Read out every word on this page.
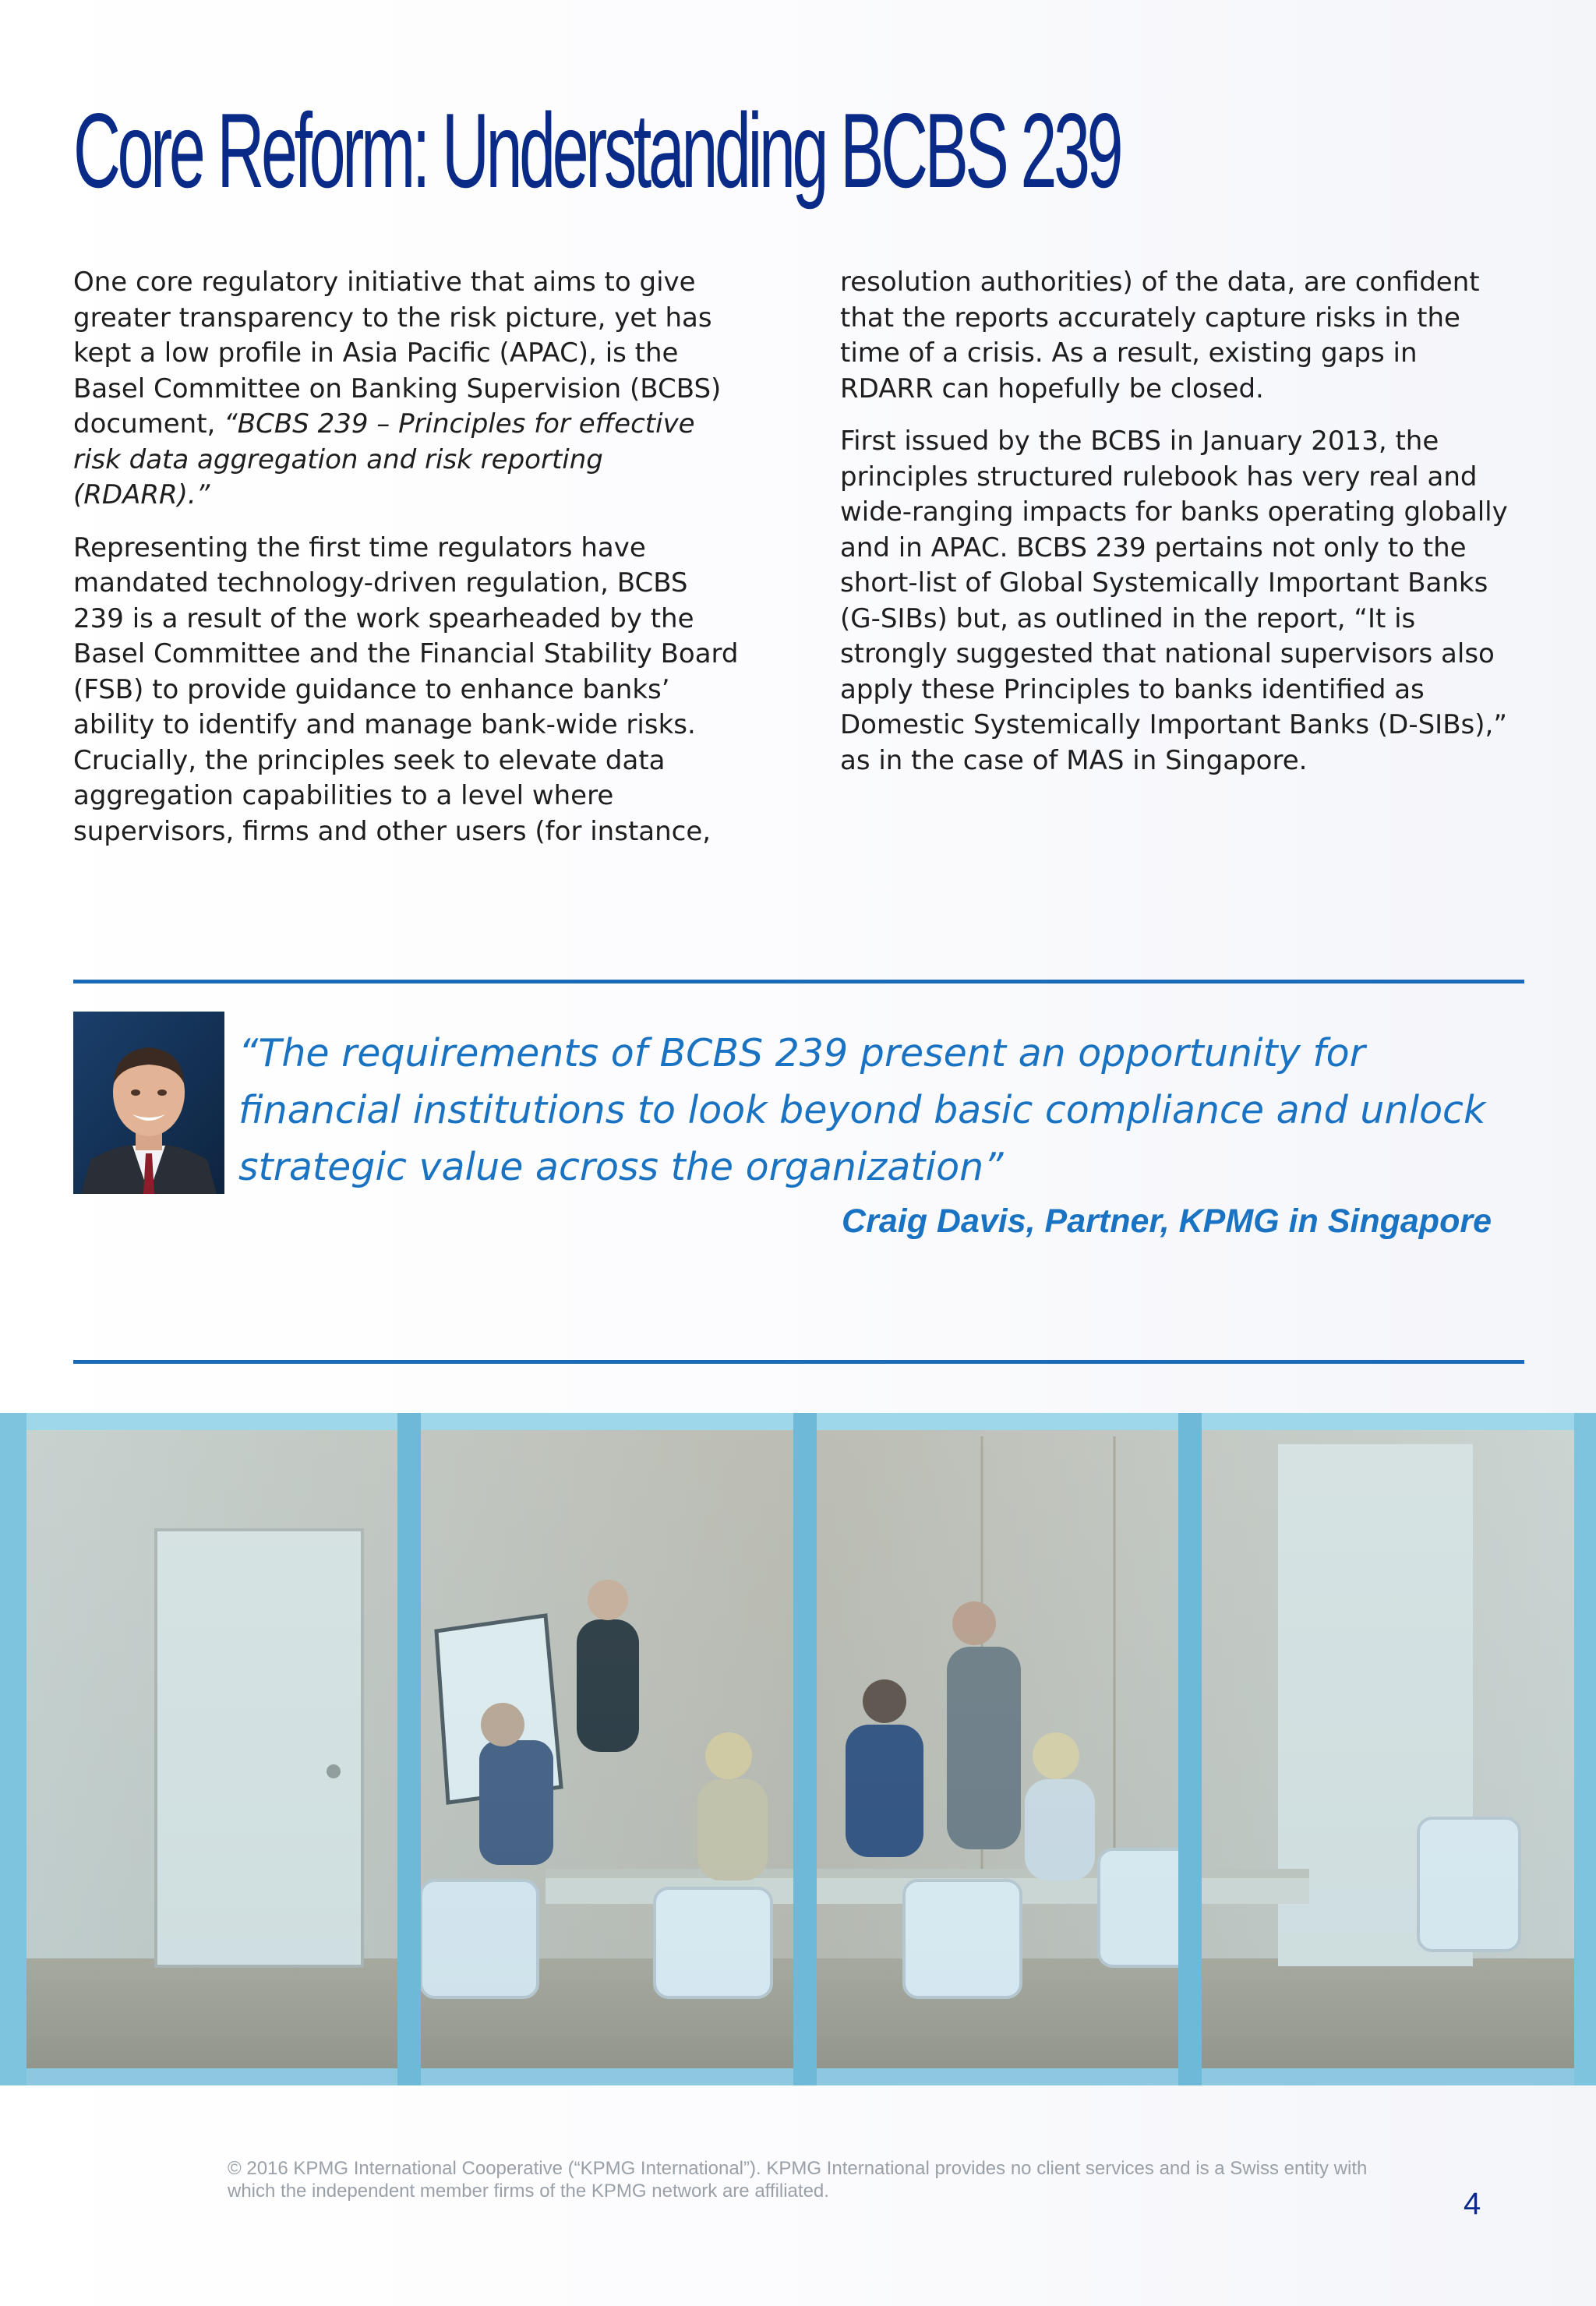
Core Reform: Understanding BCBS 239

One core regulatory initiative that aims to give greater transparency to the risk picture, yet has kept a low profile in Asia Pacific (APAC), is the Basel Committee on Banking Supervision (BCBS) document, “BCBS 239 – Principles for effective risk data aggregation and risk reporting (RDARR).”

Representing the first time regulators have mandated technology-driven regulation, BCBS 239 is a result of the work spearheaded by the Basel Committee and the Financial Stability Board (FSB) to provide guidance to enhance banks’ ability to identify and manage bank-wide risks. Crucially, the principles seek to elevate data aggregation capabilities to a level where supervisors, firms and other users (for instance,

resolution authorities) of the data, are confident that the reports accurately capture risks in the time of a crisis. As a result, existing gaps in RDARR can hopefully be closed.

First issued by the BCBS in January 2013, the principles structured rulebook has very real and wide-ranging impacts for banks operating globally and in APAC. BCBS 239 pertains not only to the short-list of Global Systemically Important Banks (G-SIBs) but, as outlined in the report, “It is strongly suggested that national supervisors also apply these Principles to banks identified as Domestic Systemically Important Banks (D-SIBs),” as in the case of MAS in Singapore.

“The requirements of BCBS 239 present an opportunity for financial institutions to look beyond basic compliance and unlock strategic value across the organization”

Craig Davis, Partner, KPMG in Singapore

© 2016 KPMG International Cooperative (“KPMG International”). KPMG International provides no client services and is a Swiss entity with which the independent member firms of the KPMG network are affiliated.	4
